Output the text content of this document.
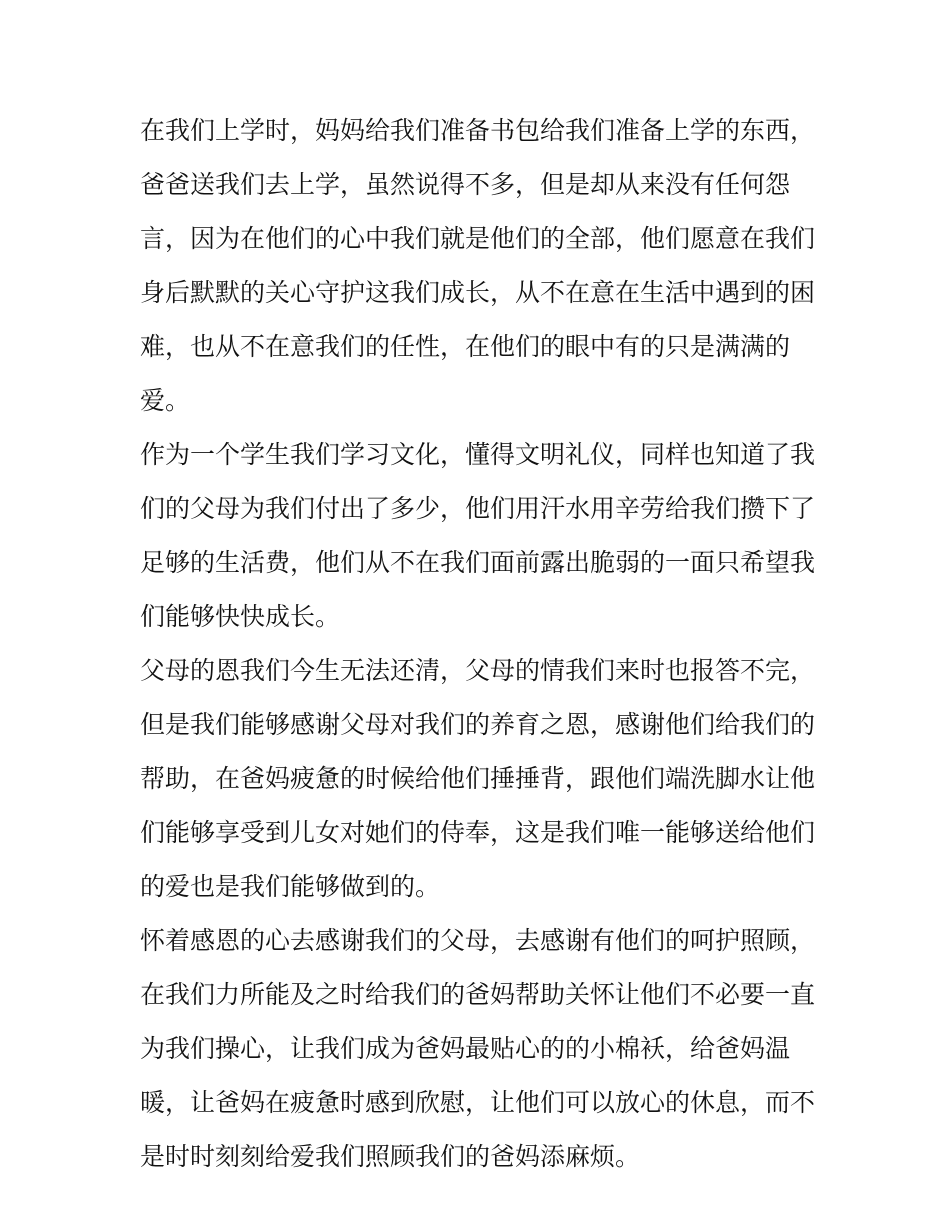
在我们上学时，妈妈给我们准备书包给我们准备上学的东西，
爸爸送我们去上学，虽然说得不多，但是却从来没有任何怨
言，因为在他们的心中我们就是他们的全部，他们愿意在我们
身后默默的关心守护这我们成长，从不在意在生活中遇到的困
难，也从不在意我们的任性，在他们的眼中有的只是满满的
爱。
作为一个学生我们学习文化，懂得文明礼仪，同样也知道了我
们的父母为我们付出了多少，他们用汗水用辛劳给我们攒下了
足够的生活费，他们从不在我们面前露出脆弱的一面只希望我
们能够快快成长。
父母的恩我们今生无法还清，父母的情我们来时也报答不完，
但是我们能够感谢父母对我们的养育之恩，感谢他们给我们的
帮助，在爸妈疲惫的时候给他们捶捶背，跟他们端洗脚水让他
们能够享受到儿女对她们的侍奉，这是我们唯一能够送给他们
的爱也是我们能够做到的。
怀着感恩的心去感谢我们的父母，去感谢有他们的呵护照顾，
在我们力所能及之时给我们的爸妈帮助关怀让他们不必要一直
为我们操心，让我们成为爸妈最贴心的的小棉袄，给爸妈温
暖，让爸妈在疲惫时感到欣慰，让他们可以放心的休息，而不
是时时刻刻给爱我们照顾我们的爸妈添麻烦。
